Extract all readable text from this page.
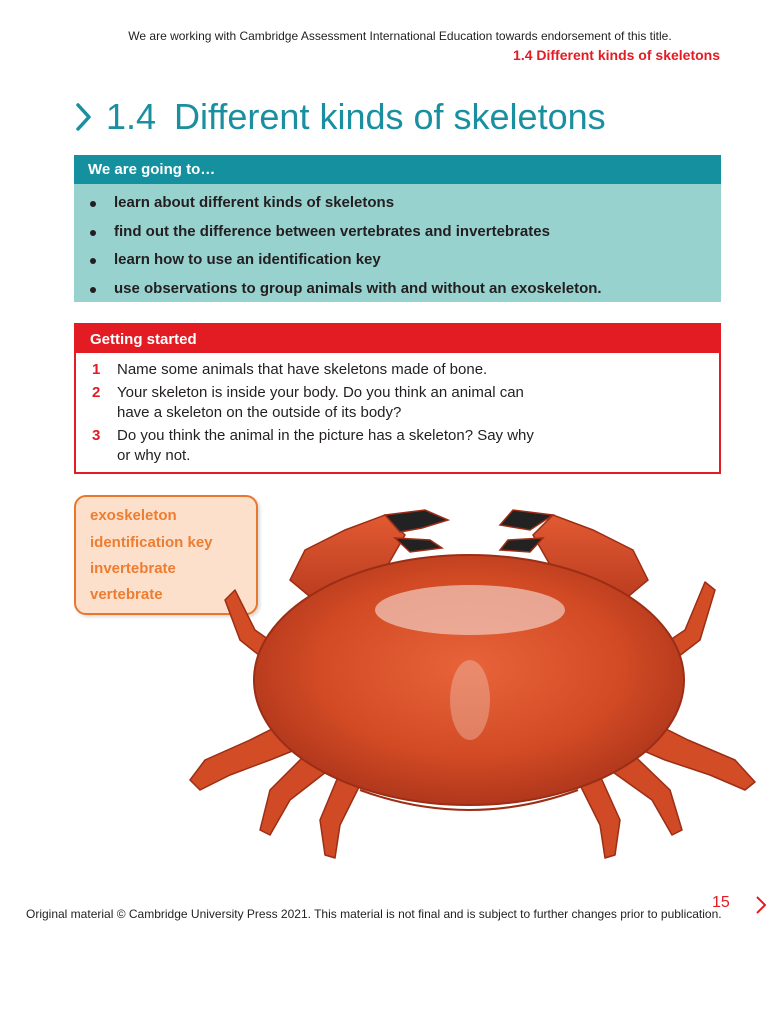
We are working with Cambridge Assessment International Education towards endorsement of this title.
1.4 Different kinds of skeletons
1.4 Different kinds of skeletons
We are going to…
learn about different kinds of skeletons
find out the difference between vertebrates and invertebrates
learn how to use an identification key
use observations to group animals with and without an exoskeleton.
Getting started
1	Name some animals that have skeletons made of bone.
2	Your skeleton is inside your body. Do you think an animal can have a skeleton on the outside of its body?
3	Do you think the animal in the picture has a skeleton? Say why or why not.
exoskeleton
identification key
invertebrate
vertebrate
Original material © Cambridge University Press 2021. This material is not final and is subject to further changes prior to publication.
15
